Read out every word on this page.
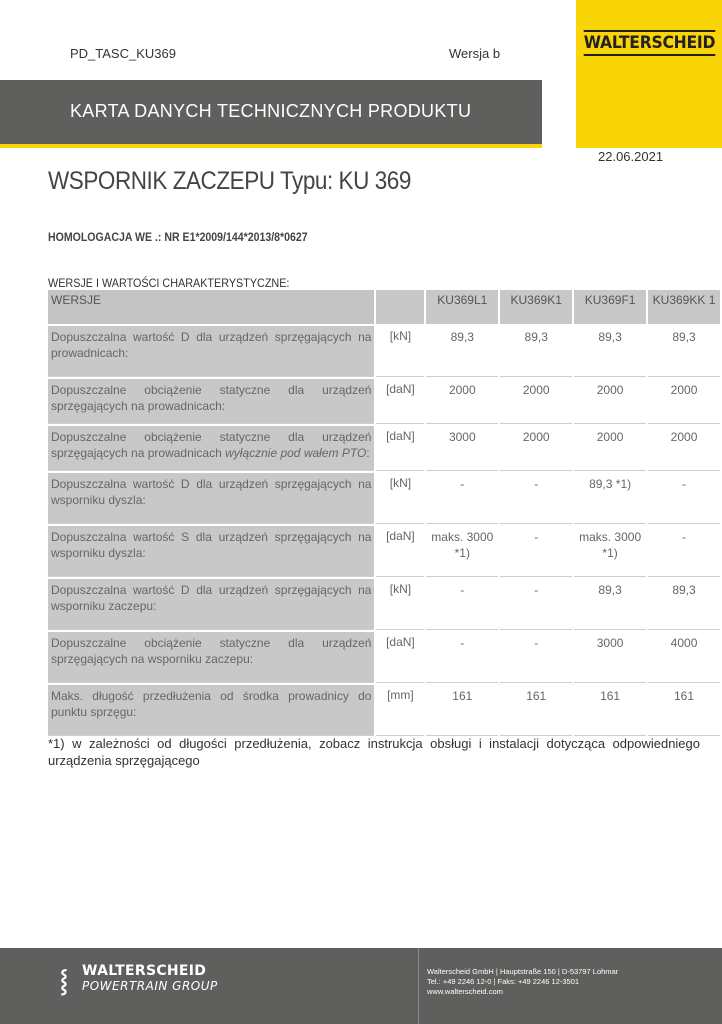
PD_TASC_KU369	Wersja b
WALTERSCHEID
KARTA DANYCH TECHNICZNYCH PRODUKTU
22.06.2021
WSPORNIK ZACZEPU Typu: KU 369
HOMOLOGACJA WE .: NR E1*2009/144*2013/8*0627
WERSJE I WARTOŚCI CHARAKTERYSTYCZNE:
WERSJE		KU369L1	KU369K1	KU369F1	KU369KK 1
Dopuszczalna wartość D dla urządzeń sprzęgających na prowadnicach:	[kN]	89,3	89,3	89,3	89,3
Dopuszczalne obciążenie statyczne dla urządzeń sprzęgających na prowadnicach:	[daN]	2000	2000	2000	2000
Dopuszczalne obciążenie statyczne dla urządzeń sprzęgających na prowadnicach wyłącznie pod wałem PTO:	[daN]	3000	2000	2000	2000
Dopuszczalna wartość D dla urządzeń sprzęgających na wsporniku dyszla:	[kN]	-	-	89,3 *1)	-
Dopuszczalna wartość S dla urządzeń sprzęgających na wsporniku dyszla:	[daN]	maks. 3000 *1)	-	maks. 3000 *1)	-
Dopuszczalna wartość D dla urządzeń sprzęgających na wsporniku zaczepu:	[kN]	-	-	89,3	89,3
Dopuszczalne obciążenie statyczne dla urządzeń sprzęgających na wsporniku zaczepu:	[daN]	-	-	3000	4000
Maks. długość przedłużenia od środka prowadnicy do punktu sprzęgu:	[mm]	161	161	161	161
*1) w zależności od długości przedłużenia, zobacz instrukcja obsługi i instalacji dotycząca odpowiedniego urządzenia sprzęgającego
⸾ WALTERSCHEID
POWERTRAIN GROUP
Walterscheid GmbH | Hauptstraße 150 | D-53797 Lohmar
Tel.: +49 2246 12-0 | Faks: +49 2246 12-3501
www.walterscheid.com
